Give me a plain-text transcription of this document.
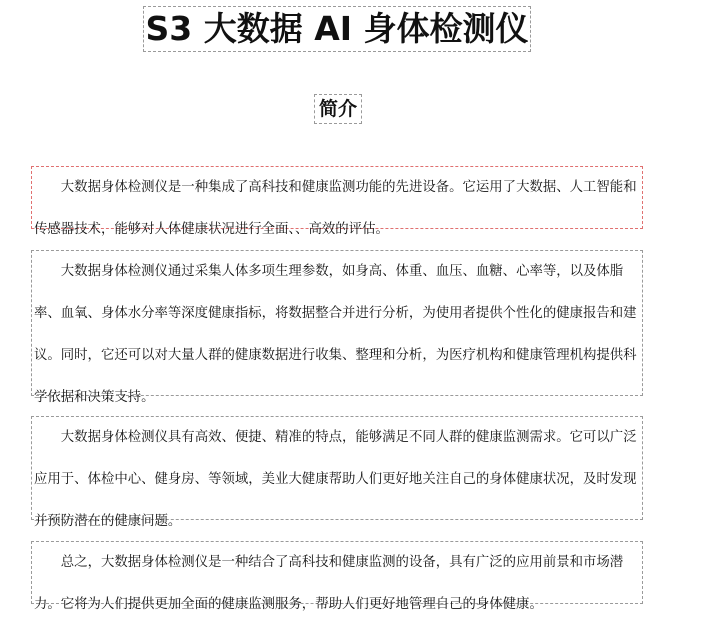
S3 大数据 AI 身体检测仪
简介

大数据身体检测仪是一种集成了高科技和健康监测功能的先进设备。它运用了大数据、人工智能和传感器技术，能够对人体健康状况进行全面、、高效的评估。

大数据身体检测仪通过采集人体多项生理参数，如身高、体重、血压、血糖、心率等，以及体脂率、血氧、身体水分率等深度健康指标，将数据整合并进行分析，为使用者提供个性化的健康报告和建议。同时，它还可以对大量人群的健康数据进行收集、整理和分析，为医疗机构和健康管理机构提供科学依据和决策支持。

大数据身体检测仪具有高效、便捷、精准的特点，能够满足不同人群的健康监测需求。它可以广泛应用于、体检中心、健身房、等领域，美业大健康帮助人们更好地关注自己的身体健康状况，及时发现并预防潜在的健康问题。

总之，大数据身体检测仪是一种结合了高科技和健康监测的设备，具有广泛的应用前景和市场潜力。它将为人们提供更加全面的健康监测服务，帮助人们更好地管理自己的身体健康。
